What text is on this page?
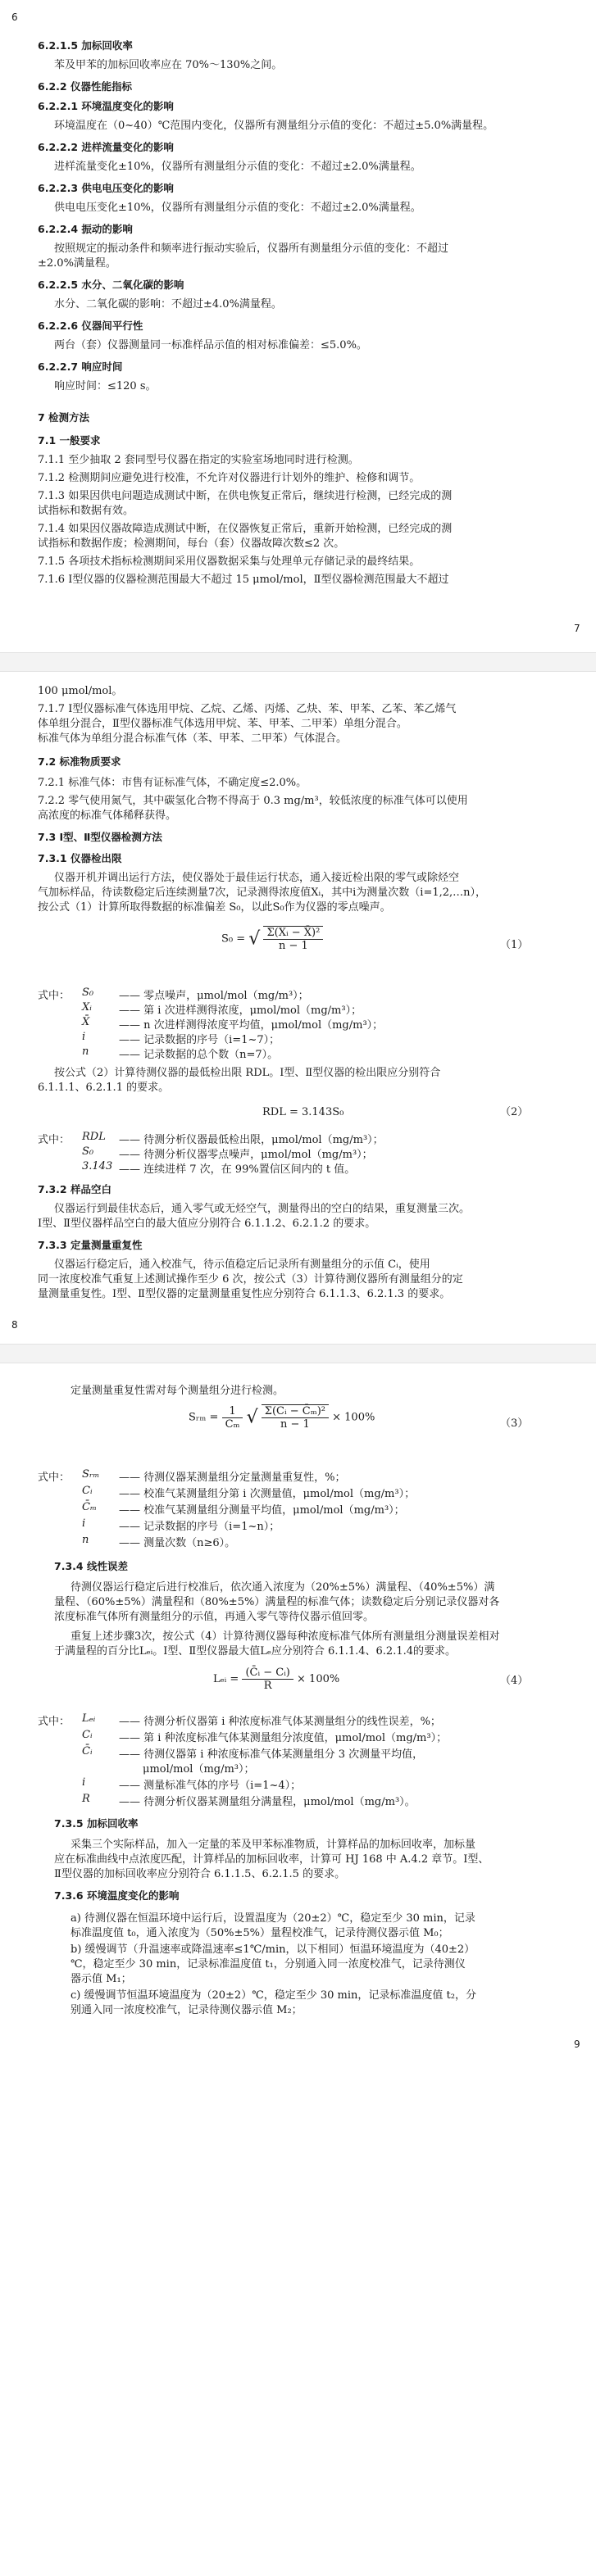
6
6.2.1.5 加标回收率
苯及甲苯的加标回收率应在 70%～130%之间。
6.2.2 仪器性能指标
6.2.2.1 环境温度变化的影响
环境温度在（0~40）℃范围内变化，仪器所有测量组分示值的变化：不超过±5.0%满量程。
6.2.2.2 进样流量变化的影响
进样流量变化±10%，仪器所有测量组分示值的变化：不超过±2.0%满量程。
6.2.2.3 供电电压变化的影响
供电电压变化±10%，仪器所有测量组分示值的变化：不超过±2.0%满量程。
6.2.2.4 振动的影响
按照规定的振动条件和频率进行振动实验后，仪器所有测量组分示值的变化：不超过
±2.0%满量程。
6.2.2.5 水分、二氧化碳的影响
水分、二氧化碳的影响：不超过±4.0%满量程。
6.2.2.6 仪器间平行性
两台（套）仪器测量同一标准样品示值的相对标准偏差：≤5.0%。
6.2.2.7 响应时间
响应时间：≤120 s。
7 检测方法
7.1 一般要求
7.1.1 至少抽取 2 套同型号仪器在指定的实验室场地同时进行检测。
7.1.2 检测期间应避免进行校准，不允许对仪器进行计划外的维护、检修和调节。
7.1.3 如果因供电问题造成测试中断，在供电恢复正常后，继续进行检测，已经完成的测
试指标和数据有效。
7.1.4 如果因仪器故障造成测试中断，在仪器恢复正常后，重新开始检测，已经完成的测
试指标和数据作废；检测期间，每台（套）仪器故障次数≤2 次。
7.1.5 各项技术指标检测期间采用仪器数据采集与处理单元存储记录的最终结果。
7.1.6 Ⅰ型仪器的仪器检测范围最大不超过 15 μmol/mol，Ⅱ型仪器检测范围最大不超过
7
100 μmol/mol。
7.1.7 Ⅰ型仪器标准气体选用甲烷、乙烷、乙烯、丙烯、乙炔、苯、甲苯、乙苯、苯乙烯气
体单组分混合，Ⅱ型仪器标准气体选用甲烷、苯、甲苯、二甲苯）单组分混合。
标准气体为单组分混合标准气体（苯、甲苯、二甲苯）气体混合。
7.2 标准物质要求
7.2.1 标准气体：市售有证标准气体，不确定度≤2.0%。
7.2.2 零气使用氮气，其中碳氢化合物不得高于 0.3 mg/m³，较低浓度的标准气体可以使用
高浓度的标准气体稀释获得。
7.3 Ⅰ型、Ⅱ型仪器检测方法
7.3.1 仪器检出限
仪器开机并调出运行方法，使仪器处于最佳运行状态，通入接近检出限的零气或除烃空
气加标样品，待读数稳定后连续测量7次，记录测得浓度值Xᵢ，其中i为测量次数（i=1,2,…n），
按公式（1）计算所取得数据的标准偏差 S₀，以此S₀作为仪器的零点噪声。
S₀ = √ $\frac{\text{Σ(Xᵢ − X̄)²}}{n - 1}$	（1）
式中： S₀ —— 零点噪声，μmol/mol（mg/m³）；
Xᵢ	—— 第 i 次进样测得浓度，μmol/mol（mg/m³）；
X̄	—— n 次进样测得浓度平均值，μmol/mol（mg/m³）；
i	—— 记录数据的序号（i=1~7）；
n	—— 记录数据的总个数（n=7）。
按公式（2）计算待测仪器的最低检出限 RDL。Ⅰ型、Ⅱ型仪器的检出限应分别符合
6.1.1.1、6.2.1.1 的要求。
RDL = 3.143S₀	（2）
式中： RDL —— 待测分析仪器最低检出限，μmol/mol（mg/m³）；
S₀ —— 待测分析仪器零点噪声，μmol/mol（mg/m³）；
3.143 —— 连续进样 7 次，在 99%置信区间内的 t 值。
7.3.2 样品空白
仪器运行到最佳状态后，通入零气或无烃空气，测量得出的空白的结果，重复测量三次。
Ⅰ型、Ⅱ型仪器样品空白的最大值应分别符合 6.1.1.2、6.2.1.2 的要求。
7.3.3 定量测量重复性
仪器运行稳定后，通入校准气，待示值稳定后记录所有测量组分的示值 Cᵢ，使用
同一浓度校准气重复上述测试操作至少 6 次，按公式（3）计算待测仪器所有测量组分的定
量测量重复性。Ⅰ型、Ⅱ型仪器的定量测量重复性应分别符合 6.1.1.3、6.2.1.3 的要求。
8
定量测量重复性需对每个测量组分进行检测。
Sᵣₘ = $\frac{1}{\text{Cₘ}}$ √ $\frac{\text{Σ(Cᵢ − C̄ₘ)²}}{n - 1} \times 100\%$	（3）
式中： Sᵣₘ —— 待测仪器某测量组分定量测量重复性，%；
Cᵢ —— 校准气某测量组分第 i 次测量值，μmol/mol（mg/m³）；
C̄ₘ —— 校准气某测量组分测量平均值，μmol/mol（mg/m³）；
i	—— 记录数据的序号（i=1~n）；
n	—— 测量次数（n≥6）。
7.3.4 线性误差
待测仪器运行稳定后进行校准后，依次通入浓度为（20%±5%）满量程、（40%±5%）满
量程、（60%±5%）满量程和（80%±5%）满量程的标准气体；读数稳定后分别记录仪器对各
浓度标准气体所有测量组分的示值，再通入零气等待仪器示值回零。
重复上述步骤3次，按公式（4）计算待测仪器每种浓度标准气体所有测量组分测量误差相对
于满量程的百分比Lₑᵢ。Ⅰ型、Ⅱ型仪器最大值Lₑ应分别符合 6.1.1.4、6.2.1.4的要求。
Lₑᵢ = $\frac{\text{(C̄ᵢ − Cᵢ)}}{R} \times 100\%$	（4）
式中： Lₑᵢ —— 待测分析仪器第 i 种浓度标准气体某测量组分的线性误差，%；
Cᵢ —— 第 i 种浓度标准气体某测量组分浓度值，μmol/mol（mg/m³）；
C̄ᵢ —— 待测仪器第 i 种浓度标准气体某测量组分 3 次测量平均值，
μmol/mol（mg/m³）；
i	—— 测量标准气体的序号（i=1~4）；
R	—— 待测分析仪器某测量组分满量程，μmol/mol（mg/m³）。
7.3.5 加标回收率
采集三个实际样品，加入一定量的苯及甲苯标准物质，计算样品的加标回收率，加标量
应在标准曲线中点浓度匹配，计算样品的加标回收率，计算可 HJ 168 中 A.4.2 章节。Ⅰ型、
Ⅱ型仪器的加标回收率应分别符合 6.1.1.5、6.2.1.5 的要求。
7.3.6 环境温度变化的影响
a) 待测仪器在恒温环境中运行后，设置温度为（20±2）℃，稳定至少 30 min，记录
标准温度值 t₀，通入浓度为（50%±5%）量程校准气，记录待测仪器示值 M₀；
b) 缓慢调节（升温速率或降温速率≤1℃/min，以下相同）恒温环境温度为（40±2）
℃，稳定至少 30 min，记录标准温度值 t₁，分别通入同一浓度校准气，记录待测仪
器示值 M₁；
c) 缓慢调节恒温环境温度为（20±2）℃，稳定至少 30 min，记录标准温度值 t₂，分
别通入同一浓度校准气，记录待测仪器示值 M₂；
9
